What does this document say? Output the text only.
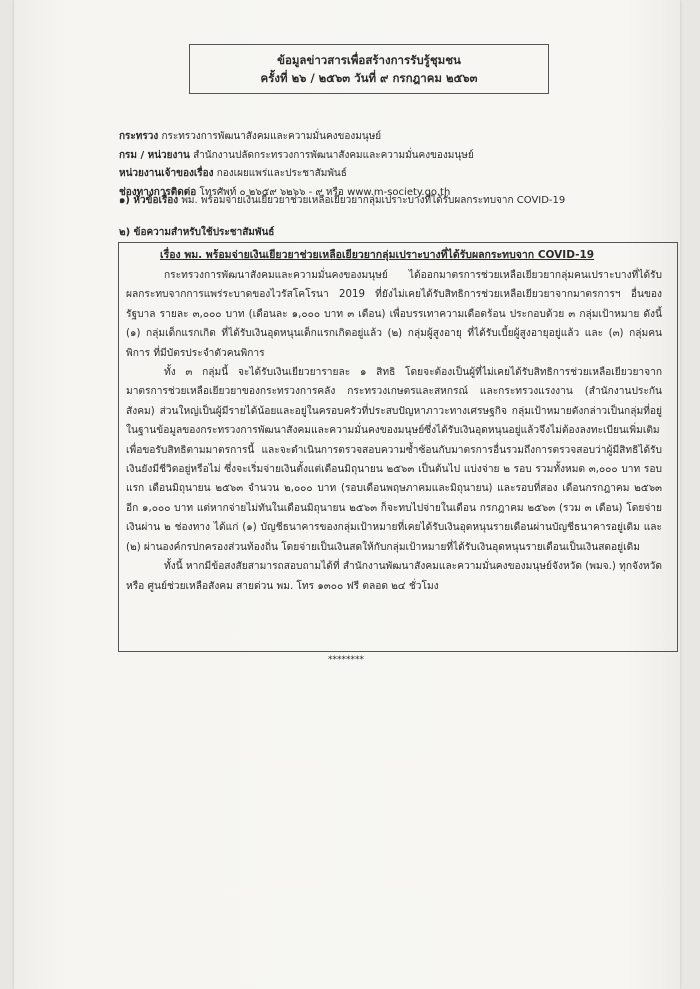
ข้อมูลข่าวสารเพื่อสร้างการรับรู้ชุมชน
ครั้งที่ ๒๖ / ๒๕๖๓ วันที่ ๙ กรกฎาคม ๒๕๖๓
กระทรวง กระทรวงการพัฒนาสังคมและความมั่นคงของมนุษย์
กรม / หน่วยงาน สำนักงานปลัดกระทรวงการพัฒนาสังคมและความมั่นคงของมนุษย์
หน่วยงานเจ้าของเรื่อง กองเผยแพร่และประชาสัมพันธ์
ช่องทางการติดต่อ โทรศัพท์ ๐ ๒๖๕๙ ๖๒๖๖ - ๙ หรือ www.m-society.go.th
๑) หัวข้อเรื่อง พม. พร้อมจ่ายเงินเยียวยาช่วยเหลือเยียวยากลุ่มเปราะบางที่ได้รับผลกระทบจาก COVID-19
๒) ข้อความสำหรับใช้ประชาสัมพันธ์
เรื่อง พม. พร้อมจ่ายเงินเยียวยาช่วยเหลือเยียวยากลุ่มเปราะบางที่ได้รับผลกระทบจาก COVID-19

กระทรวงการพัฒนาสังคมและความมั่นคงของมนุษย์ ได้ออกมาตรการช่วยเหลือเยียวยากลุ่มคนเปราะบางที่ได้รับผลกระทบจากการแพร่ระบาดของไวรัสโคโรนา 2019 ที่ยังไม่เคยได้รับสิทธิการช่วยเหลือเยียวยาจากมาตรการฯ อื่นของรัฐบาล รายละ ๓,๐๐๐ บาท (เดือนละ ๑,๐๐๐ บาท ๓ เดือน) เพื่อบรรเทาความเดือดร้อน ประกอบด้วย ๓ กลุ่มเป้าหมาย ดังนี้ (๑) กลุ่มเด็กแรกเกิด ที่ได้รับเงินอุดหนุนเด็กแรกเกิดอยู่แล้ว (๒) กลุ่มผู้สูงอายุ ที่ได้รับเบี้ยผู้สูงอายุอยู่แล้ว และ (๓) กลุ่มคนพิการ ที่มีบัตรประจำตัวคนพิการ

ทั้ง ๓ กลุ่มนี้ จะได้รับเงินเยียวยารายละ ๑ สิทธิ โดยจะต้องเป็นผู้ที่ไม่เคยได้รับสิทธิการช่วยเหลือเยียวยาจากมาตรการช่วยเหลือเยียวยาของกระทรวงการคลัง กระทรวงเกษตรและสหกรณ์ และกระทรวงแรงงาน (สำนักงานประกันสังคม) ส่วนใหญ่เป็นผู้มีรายได้น้อยและอยู่ในครอบครัวที่ประสบปัญหาภาวะทางเศรษฐกิจ กลุ่มเป้าหมายดังกล่าวเป็นกลุ่มที่อยู่ในฐานข้อมูลของกระทรวงการพัฒนาสังคมและความมั่นคงของมนุษย์ซึ่งได้รับเงินอุดหนุนอยู่แล้วจึงไม่ต้องลงทะเบียนเพิ่มเติมเพื่อขอรับสิทธิตามมาตรการนี้ และจะดำเนินการตรวจสอบความซ้ำซ้อนกับมาตรการอื่นรวมถึงการตรวจสอบว่าผู้มีสิทธิได้รับเงินยังมีชีวิตอยู่หรือไม่ ซึ่งจะเริ่มจ่ายเงินตั้งแต่เดือนมิถุนายน ๒๕๖๓ เป็นต้นไป แบ่งจ่าย ๒ รอบ รวมทั้งหมด ๓,๐๐๐ บาท รอบแรก เดือนมิถุนายน ๒๕๖๓ จำนวน ๒,๐๐๐ บาท (รอบเดือนพฤษภาคมและมิถุนายน) และรอบที่สอง เดือนกรกฎาคม ๒๕๖๓ อีก ๑,๐๐๐ บาท แต่หากจ่ายไม่ทันในเดือนมิถุนายน ๒๕๖๓ ก็จะทบไปจ่ายในเดือน กรกฎาคม ๒๕๖๓ (รวม ๓ เดือน) โดยจ่ายเงินผ่าน ๒ ช่องทาง ได้แก่ (๑) บัญชีธนาคารของกลุ่มเป้าหมายที่เคยได้รับเงินอุดหนุนรายเดือนผ่านบัญชีธนาคารอยู่เดิม และ (๒) ผ่านองค์กรปกครองส่วนท้องถิ่น โดยจ่ายเป็นเงินสดให้กับกลุ่มเป้าหมายที่ได้รับเงินอุดหนุนรายเดือนเป็นเงินสดอยู่เดิม

ทั้งนี้ หากมีข้อสงสัยสามารถสอบถามได้ที่ สำนักงานพัฒนาสังคมและความมั่นคงของมนุษย์จังหวัด (พมจ.) ทุกจังหวัด หรือ ศูนย์ช่วยเหลือสังคม สายด่วน พม. โทร ๑๓๐๐ ฟรี ตลอด ๒๔ ชั่วโมง

********
